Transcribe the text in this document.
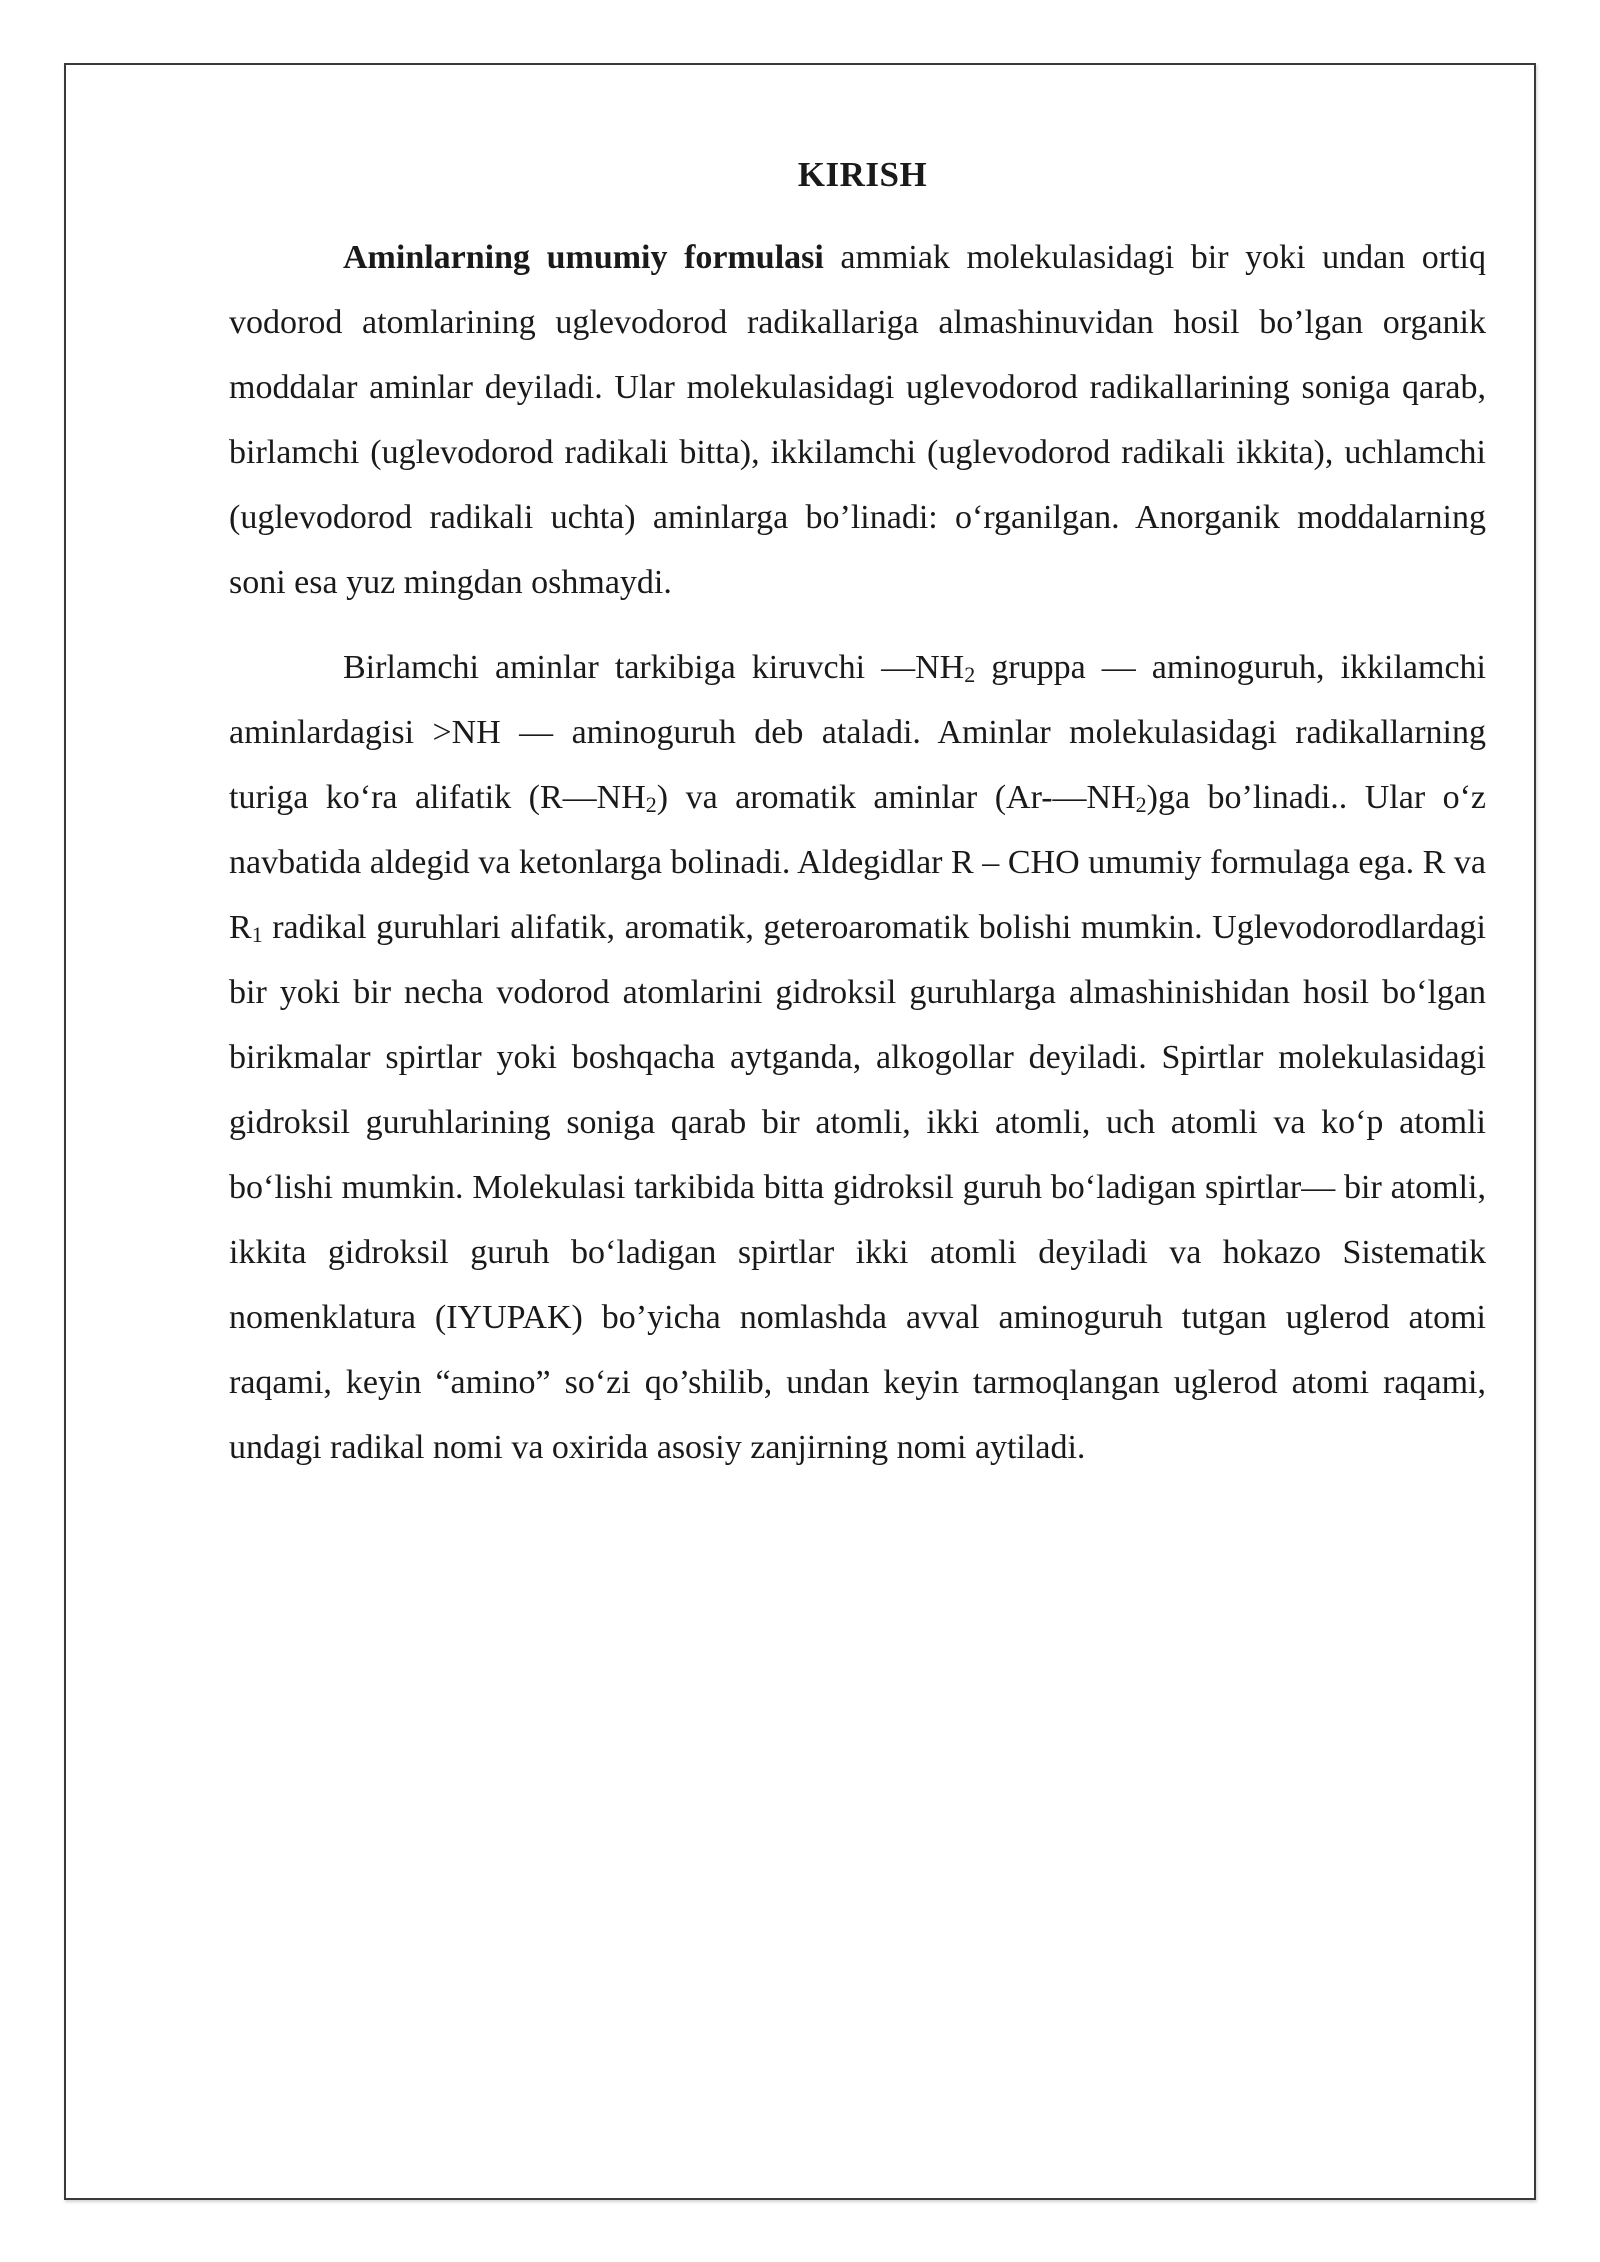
KIRISH

Aminlarning umumiy formulasi ammiak molekulasidagi bir yoki undan ortiq vodorod atomlarining uglevodorod radikallariga almashinuvidan hosil bo’lgan organik moddalar aminlar deyiladi. Ular molekulasidagi uglevodorod radikallarining soniga qarab, birlamchi (uglevodorod radikali bitta), ikkilamchi (uglevodorod radikali ikkita), uchlamchi (uglevodorod radikali uchta) aminlarga bo’linadi: o‘rganilgan. Anorganik moddalarning soni esa yuz mingdan oshmaydi.

Birlamchi aminlar tarkibiga kiruvchi $—NH_2$ gruppa — aminoguruh, ikkilamchi aminlardagisi >NH — aminoguruh deb ataladi. Aminlar molekulasidagi radikallarning turiga ko‘ra alifatik $(R—NH_2)$ va aromatik aminlar $(Ar-—NH_2)ga$ bo’linadi.. Ular o‘z navbatida aldegid va ketonlarga bolinadi. Aldegidlar R – CHO umumiy formulaga ega. R va $R_1$ radikal guruhlari alifatik, aromatik, geteroaromatik bolishi mumkin. Uglevodorodlardagi bir yoki bir necha vodorod atomlarini gidroksil guruhlarga almashinishidan hosil bo‘lgan birikmalar spirtlar yoki boshqacha aytganda, alkogollar deyiladi. Spirtlar molekulasidagi gidroksil guruhlarining soniga qarab bir atomli, ikki atomli, uch atomli va ko‘p atomli bo‘lishi mumkin. Molekulasi tarkibida bitta gidroksil guruh bo‘ladigan spirtlar— bir atomli, ikkita gidroksil guruh bo‘ladigan spirtlar ikki atomli deyiladi va hokazo Sistematik nomenklatura (IYUPAK) bo’yicha nomlashda avval aminoguruh tutgan uglerod atomi raqami, keyin “amino” so‘zi qo’shilib, undan keyin tarmoqlangan uglerod atomi raqami, undagi radikal nomi va oxirida asosiy zanjirning nomi aytiladi.
